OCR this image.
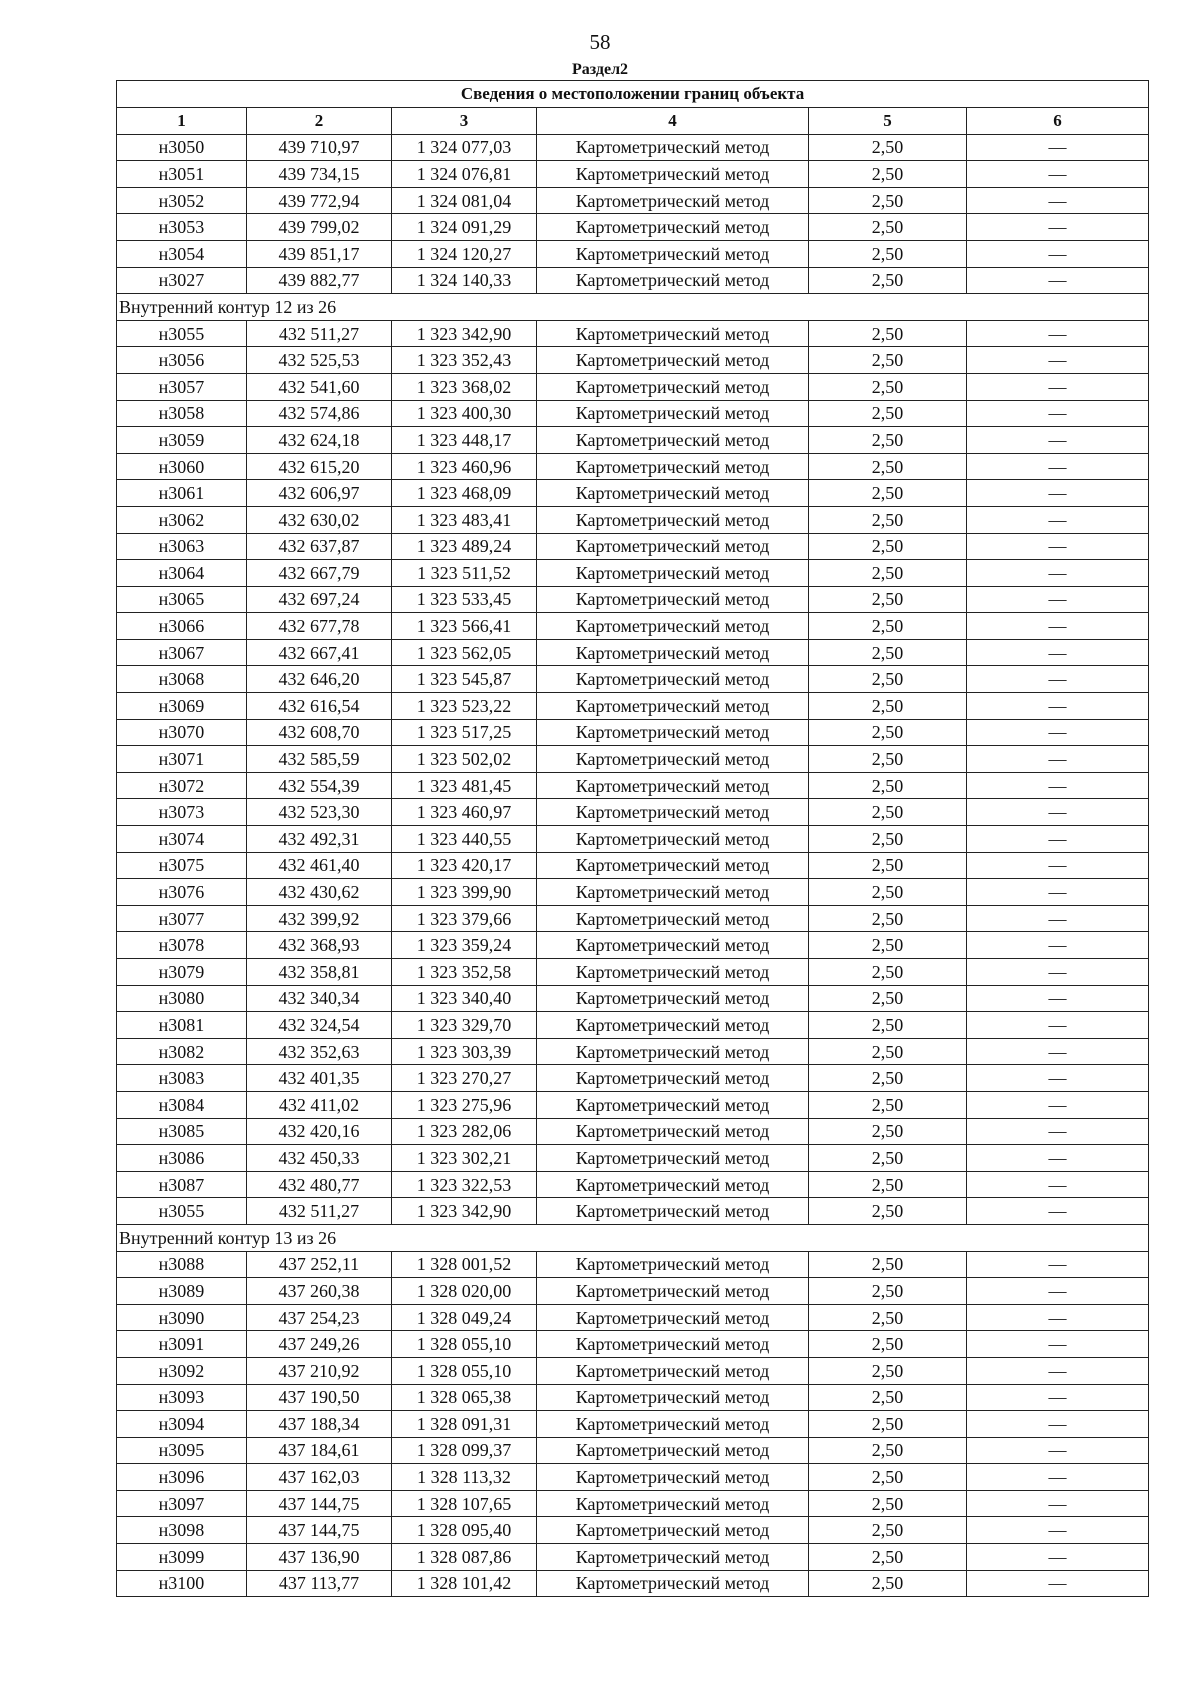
58
Раздел2
Сведения о местоположении границ объекта					
1	2	3	4	5	6
н3050	439 710,97	1 324 077,03	Картометрический метод	2,50	—
н3051	439 734,15	1 324 076,81	Картометрический метод	2,50	—
н3052	439 772,94	1 324 081,04	Картометрический метод	2,50	—
н3053	439 799,02	1 324 091,29	Картометрический метод	2,50	—
н3054	439 851,17	1 324 120,27	Картометрический метод	2,50	—
н3027	439 882,77	1 324 140,33	Картометрический метод	2,50	—
Внутренний контур 12 из 26					
н3055	432 511,27	1 323 342,90	Картометрический метод	2,50	—
н3056	432 525,53	1 323 352,43	Картометрический метод	2,50	—
н3057	432 541,60	1 323 368,02	Картометрический метод	2,50	—
н3058	432 574,86	1 323 400,30	Картометрический метод	2,50	—
н3059	432 624,18	1 323 448,17	Картометрический метод	2,50	—
н3060	432 615,20	1 323 460,96	Картометрический метод	2,50	—
н3061	432 606,97	1 323 468,09	Картометрический метод	2,50	—
н3062	432 630,02	1 323 483,41	Картометрический метод	2,50	—
н3063	432 637,87	1 323 489,24	Картометрический метод	2,50	—
н3064	432 667,79	1 323 511,52	Картометрический метод	2,50	—
н3065	432 697,24	1 323 533,45	Картометрический метод	2,50	—
н3066	432 677,78	1 323 566,41	Картометрический метод	2,50	—
н3067	432 667,41	1 323 562,05	Картометрический метод	2,50	—
н3068	432 646,20	1 323 545,87	Картометрический метод	2,50	—
н3069	432 616,54	1 323 523,22	Картометрический метод	2,50	—
н3070	432 608,70	1 323 517,25	Картометрический метод	2,50	—
н3071	432 585,59	1 323 502,02	Картометрический метод	2,50	—
н3072	432 554,39	1 323 481,45	Картометрический метод	2,50	—
н3073	432 523,30	1 323 460,97	Картометрический метод	2,50	—
н3074	432 492,31	1 323 440,55	Картометрический метод	2,50	—
н3075	432 461,40	1 323 420,17	Картометрический метод	2,50	—
н3076	432 430,62	1 323 399,90	Картометрический метод	2,50	—
н3077	432 399,92	1 323 379,66	Картометрический метод	2,50	—
н3078	432 368,93	1 323 359,24	Картометрический метод	2,50	—
н3079	432 358,81	1 323 352,58	Картометрический метод	2,50	—
н3080	432 340,34	1 323 340,40	Картометрический метод	2,50	—
н3081	432 324,54	1 323 329,70	Картометрический метод	2,50	—
н3082	432 352,63	1 323 303,39	Картометрический метод	2,50	—
н3083	432 401,35	1 323 270,27	Картометрический метод	2,50	—
н3084	432 411,02	1 323 275,96	Картометрический метод	2,50	—
н3085	432 420,16	1 323 282,06	Картометрический метод	2,50	—
н3086	432 450,33	1 323 302,21	Картометрический метод	2,50	—
н3087	432 480,77	1 323 322,53	Картометрический метод	2,50	—
н3055	432 511,27	1 323 342,90	Картометрический метод	2,50	—
Внутренний контур 13 из 26					
н3088	437 252,11	1 328 001,52	Картометрический метод	2,50	—
н3089	437 260,38	1 328 020,00	Картометрический метод	2,50	—
н3090	437 254,23	1 328 049,24	Картометрический метод	2,50	—
н3091	437 249,26	1 328 055,10	Картометрический метод	2,50	—
н3092	437 210,92	1 328 055,10	Картометрический метод	2,50	—
н3093	437 190,50	1 328 065,38	Картометрический метод	2,50	—
н3094	437 188,34	1 328 091,31	Картометрический метод	2,50	—
н3095	437 184,61	1 328 099,37	Картометрический метод	2,50	—
н3096	437 162,03	1 328 113,32	Картометрический метод	2,50	—
н3097	437 144,75	1 328 107,65	Картометрический метод	2,50	—
н3098	437 144,75	1 328 095,40	Картометрический метод	2,50	—
н3099	437 136,90	1 328 087,86	Картометрический метод	2,50	—
н3100	437 113,77	1 328 101,42	Картометрический метод	2,50	—
